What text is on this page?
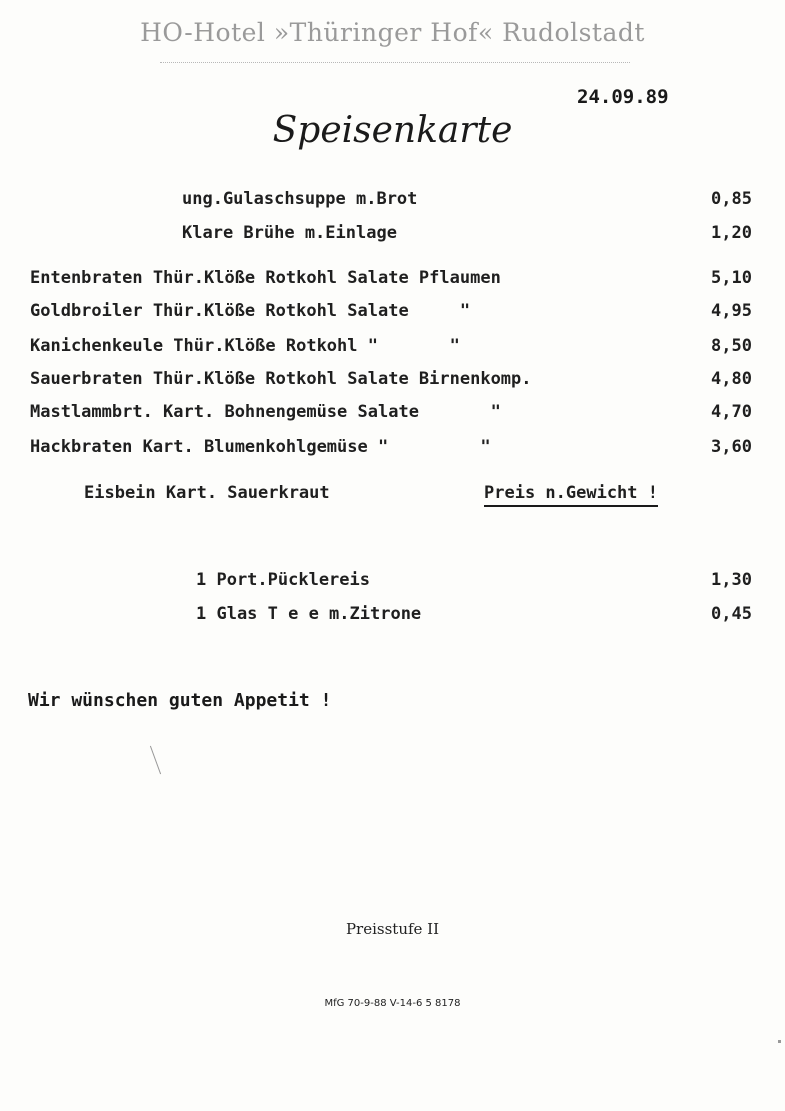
HO-Hotel »Thüringer Hof« Rudolstadt
24.09.89
Speisenkarte
ung.Gulaschsuppe m.Brot	0,85
Klare Brühe m.Einlage	1,20
Entenbraten Thür.Klöße Rotkohl Salate Pflaumen	5,10
Goldbroiler Thür.Klöße Rotkohl Salate     "	4,95
Kanichenkeule Thür.Klöße Rotkohl "       "	8,50
Sauerbraten Thür.Klöße Rotkohl Salate Birnenkomp.	4,80
Mastlammbrt. Kart. Bohnengemüse Salate       "	4,70
Hackbraten Kart. Blumenkohlgemüse "         "	3,60
Eisbein Kart. Sauerkraut	Preis n.Gewicht !
1 Port.Pücklereis	1,30
1 Glas T e e m.Zitrone	0,45
Wir wünschen guten Appetit !
Preisstufe II
MfG 70-9-88 V-14-6 5 8178
